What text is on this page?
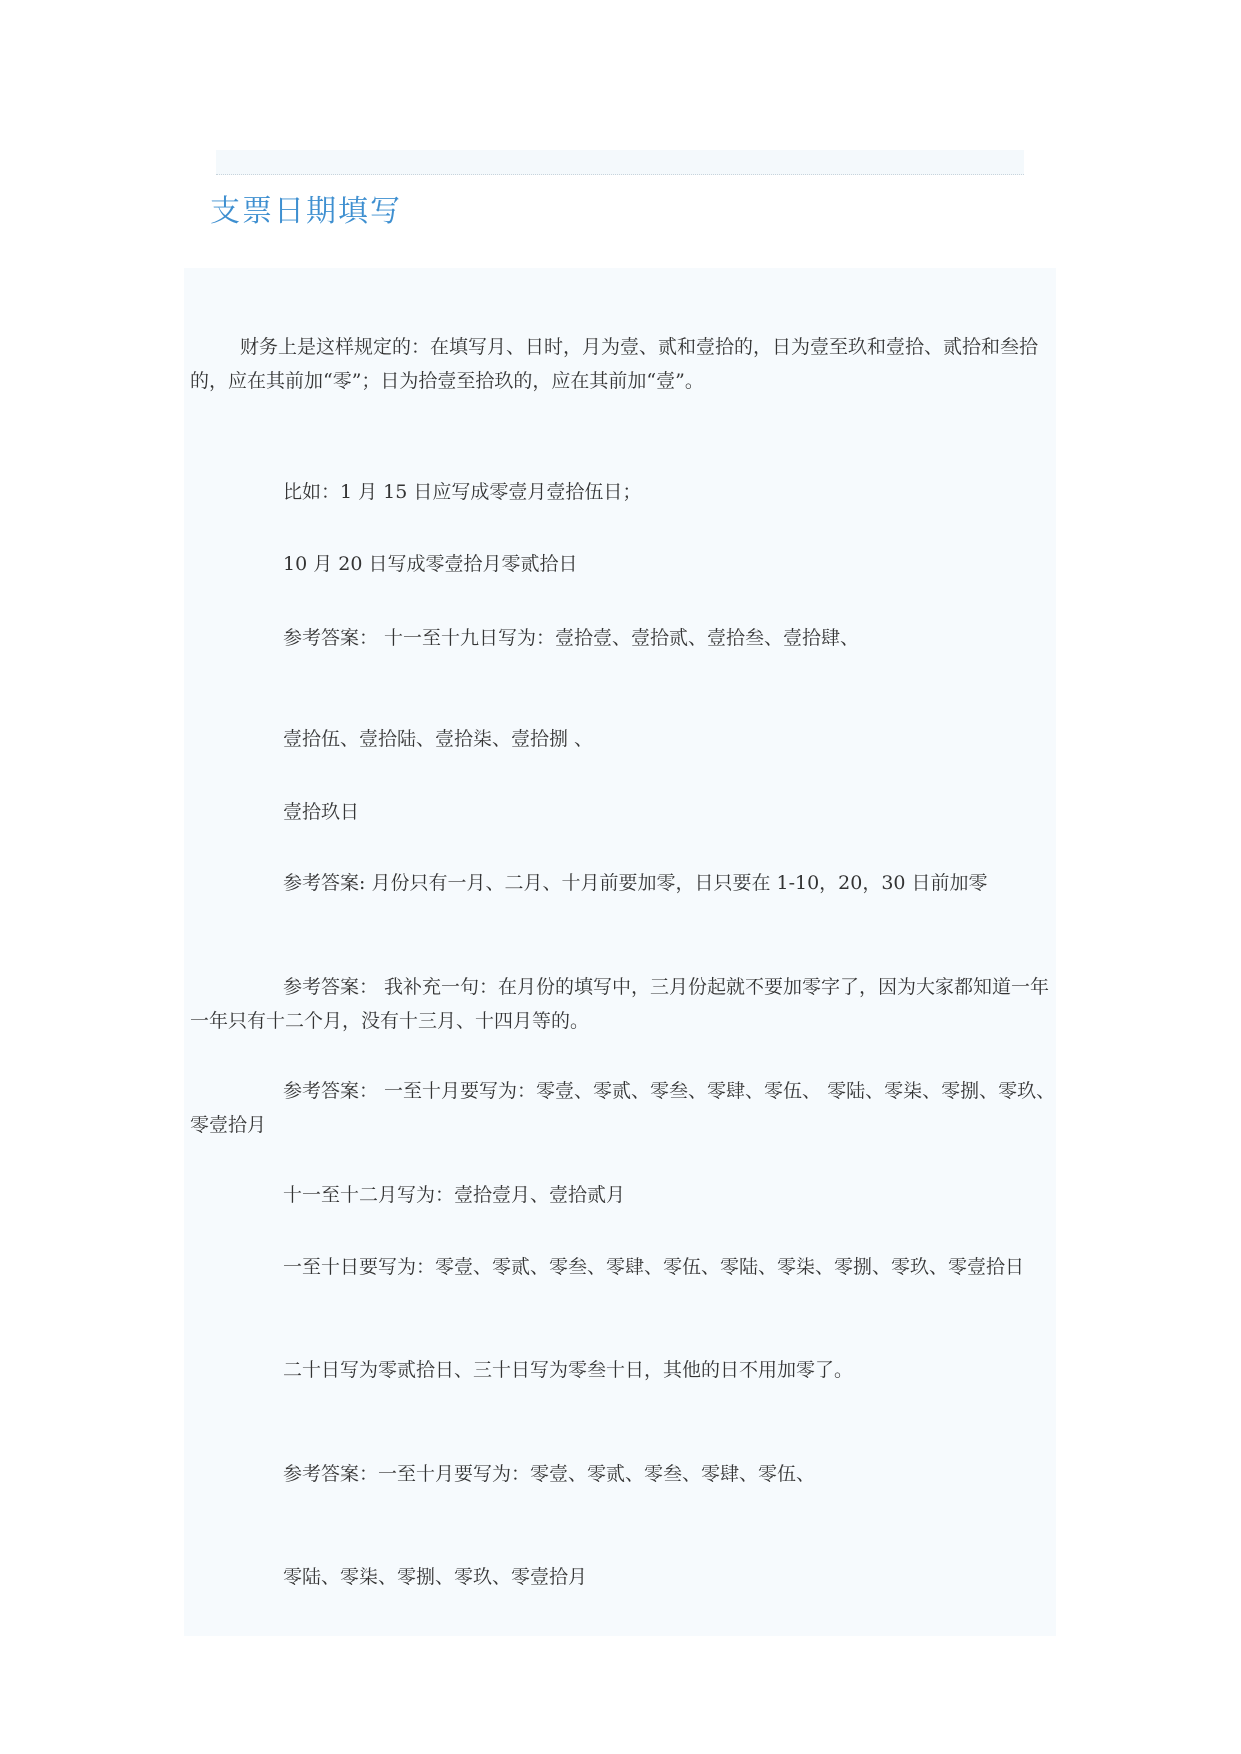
支票日期填写

财务上是这样规定的：在填写月、日时，月为壹、贰和壹拾的，日为壹至玖和壹拾、贰拾和叁拾的，应在其前加“零”；日为拾壹至拾玖的，应在其前加“壹”。

比如：1 月 15 日应写成零壹月壹拾伍日；

10 月 20 日写成零壹拾月零贰拾日

参考答案： 十一至十九日写为：壹拾壹、壹拾贰、壹拾叁、壹拾肆、

壹拾伍、壹拾陆、壹拾柒、壹拾捌 、

壹拾玖日

参考答案: 月份只有一月、二月、十月前要加零，日只要在 1-10，20，30 日前加零

参考答案： 我补充一句：在月份的填写中，三月份起就不要加零字了，因为大家都知道一年一年只有十二个月，没有十三月、十四月等的。

参考答案： 一至十月要写为：零壹、零贰、零叁、零肆、零伍、 零陆、零柒、零捌、零玖、零壹拾月

十一至十二月写为：壹拾壹月、壹拾贰月

一至十日要写为：零壹、零贰、零叁、零肆、零伍、零陆、零柒、零捌、零玖、零壹拾日

二十日写为零贰拾日、三十日写为零叁十日，其他的日不用加零了。

参考答案：一至十月要写为：零壹、零贰、零叁、零肆、零伍、

零陆、零柒、零捌、零玖、零壹拾月
